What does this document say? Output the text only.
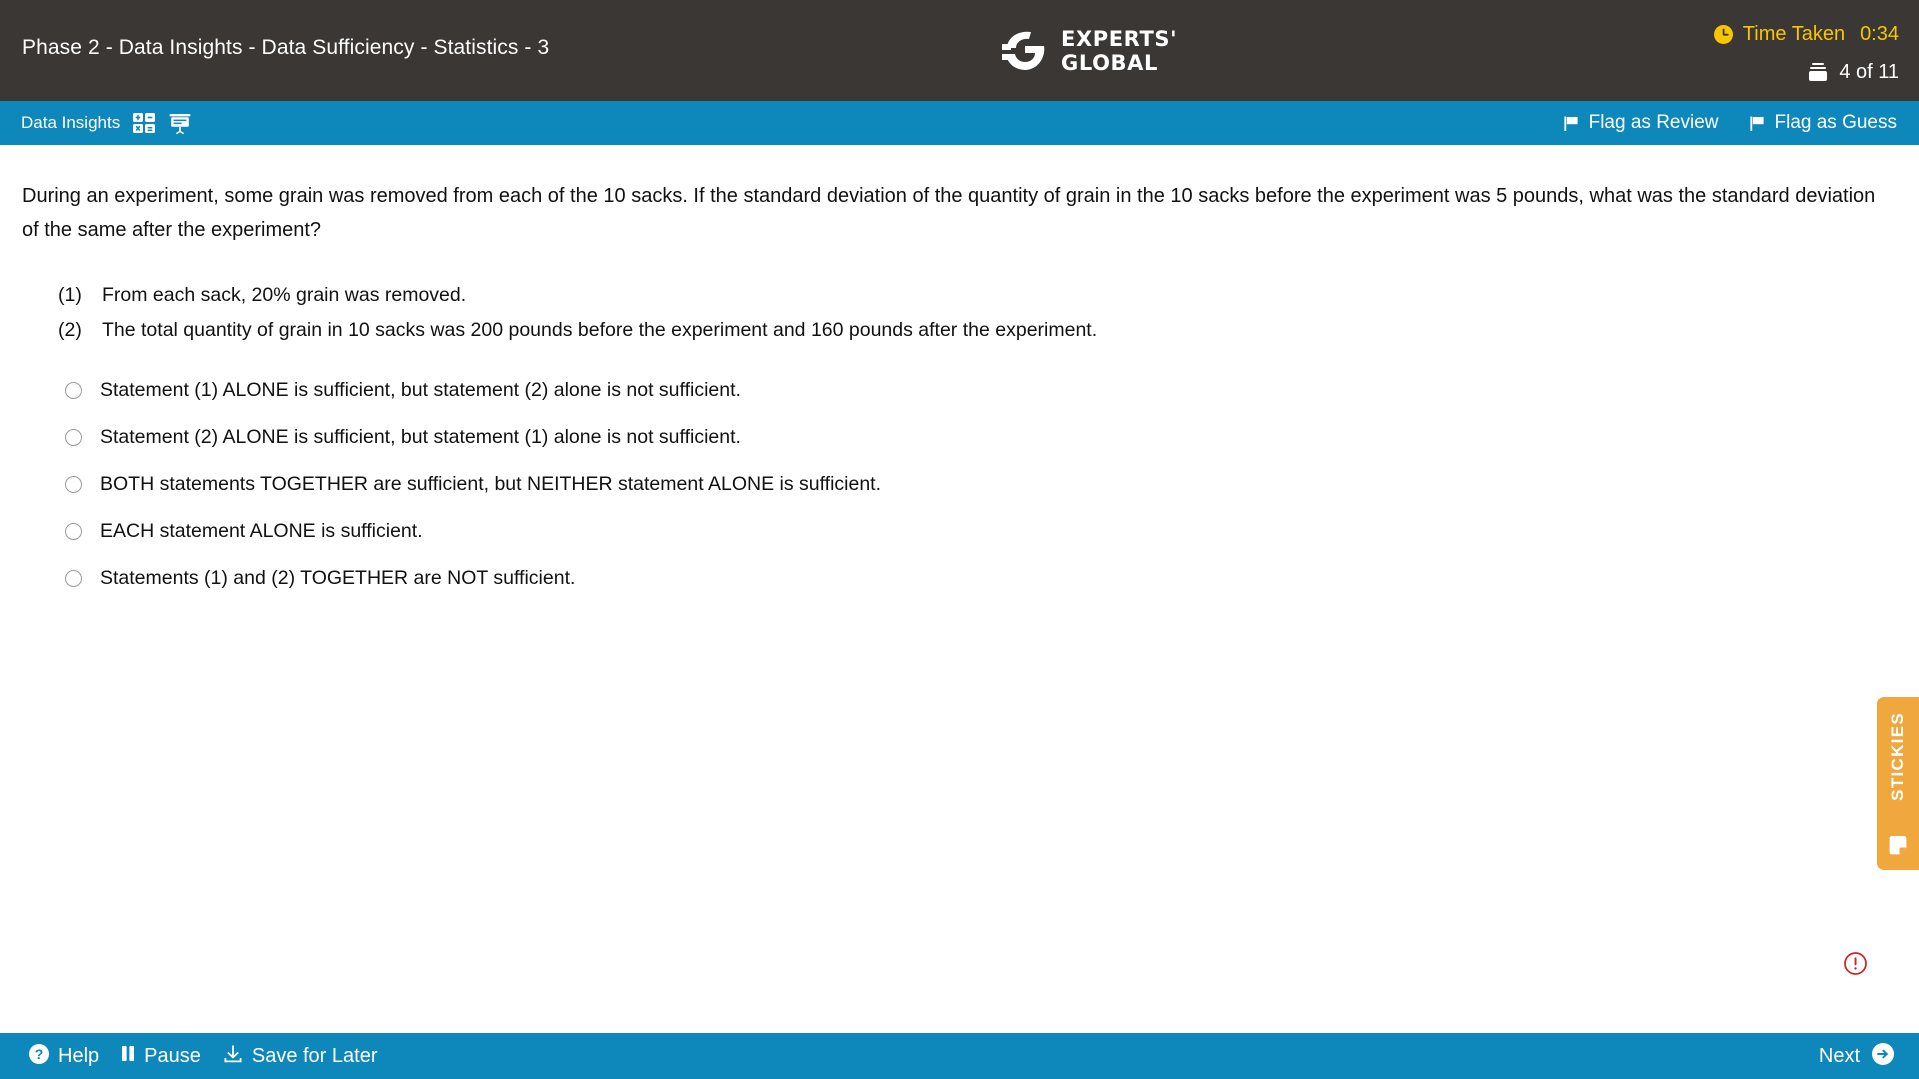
Phase 2 - Data Insights - Data Sufficiency - Statistics - 3	EXPERTS'
GLOBAL
Time Taken 0:34
4 of 11
Data Insights	Flag as Review	Flag as Guess
During an experiment, some grain was removed from each of the 10 sacks. If the standard deviation of the quantity of grain in the 10 sacks before the experiment was 5 pounds, what was the standard deviation of the same after the experiment?
(1)	From each sack, 20% grain was removed.
(2)	The total quantity of grain in 10 sacks was 200 pounds before the experiment and 160 pounds after the experiment.
Statement (1) ALONE is sufficient, but statement (2) alone is not sufficient.
Statement (2) ALONE is sufficient, but statement (1) alone is not sufficient.
BOTH statements TOGETHER are sufficient, but NEITHER statement ALONE is sufficient.
EACH statement ALONE is sufficient.
Statements (1) and (2) TOGETHER are NOT sufficient.
STICKIES
? Help Pause	Save for Later	Next
